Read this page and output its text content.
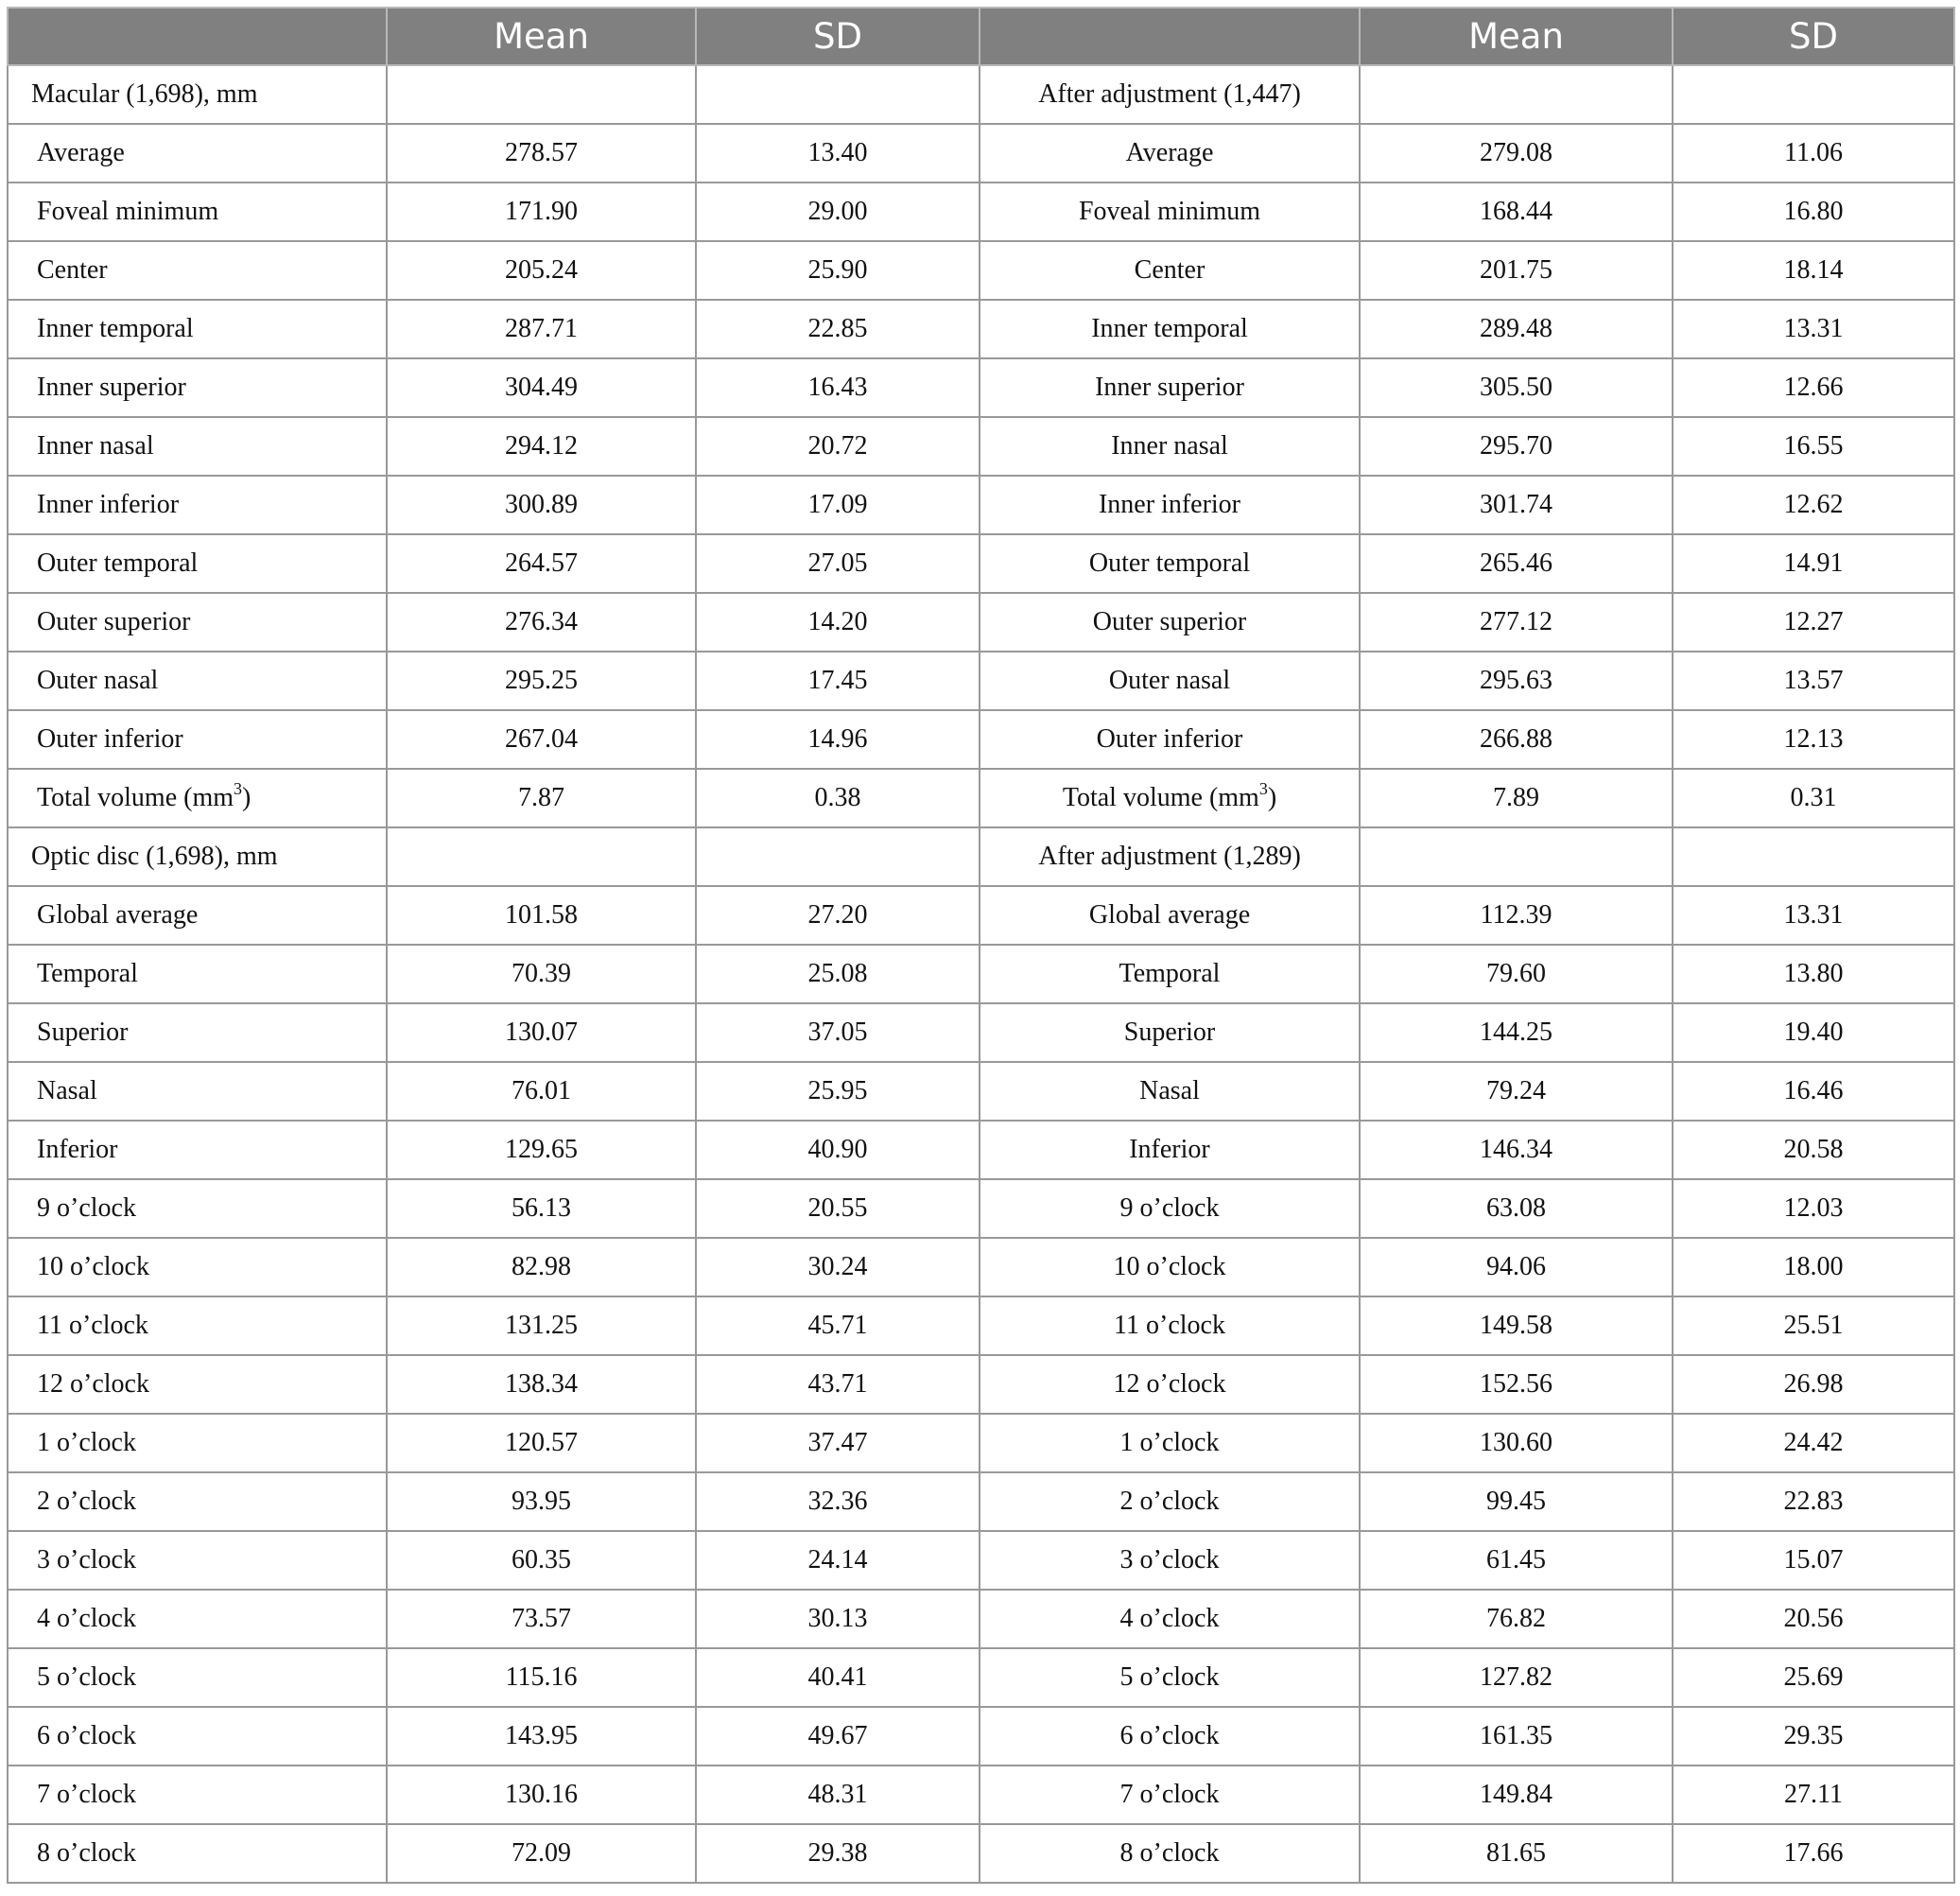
	Mean	SD		Mean	SD
Macular (1,698), mm			After adjustment (1,447)		
Average	278.57	13.40	Average	279.08	11.06
Foveal minimum	171.90	29.00	Foveal minimum	168.44	16.80
Center	205.24	25.90	Center	201.75	18.14
Inner temporal	287.71	22.85	Inner temporal	289.48	13.31
Inner superior	304.49	16.43	Inner superior	305.50	12.66
Inner nasal	294.12	20.72	Inner nasal	295.70	16.55
Inner inferior	300.89	17.09	Inner inferior	301.74	12.62
Outer temporal	264.57	27.05	Outer temporal	265.46	14.91
Outer superior	276.34	14.20	Outer superior	277.12	12.27
Outer nasal	295.25	17.45	Outer nasal	295.63	13.57
Outer inferior	267.04	14.96	Outer inferior	266.88	12.13
Total volume $(mm^3)$	7.87	0.38	Total volume $(mm^3)$	7.89	0.31
Optic disc (1,698), mm			After adjustment (1,289)		
Global average	101.58	27.20	Global average	112.39	13.31
Temporal	70.39	25.08	Temporal	79.60	13.80
Superior	130.07	37.05	Superior	144.25	19.40
Nasal	76.01	25.95	Nasal	79.24	16.46
Inferior	129.65	40.90	Inferior	146.34	20.58
9 o’clock	56.13	20.55	9 o’clock	63.08	12.03
10 o’clock	82.98	30.24	10 o’clock	94.06	18.00
11 o’clock	131.25	45.71	11 o’clock	149.58	25.51
12 o’clock	138.34	43.71	12 o’clock	152.56	26.98
1 o’clock	120.57	37.47	1 o’clock	130.60	24.42
2 o’clock	93.95	32.36	2 o’clock	99.45	22.83
3 o’clock	60.35	24.14	3 o’clock	61.45	15.07
4 o’clock	73.57	30.13	4 o’clock	76.82	20.56
5 o’clock	115.16	40.41	5 o’clock	127.82	25.69
6 o’clock	143.95	49.67	6 o’clock	161.35	29.35
7 o’clock	130.16	48.31	7 o’clock	149.84	27.11
8 o’clock	72.09	29.38	8 o’clock	81.65	17.66
